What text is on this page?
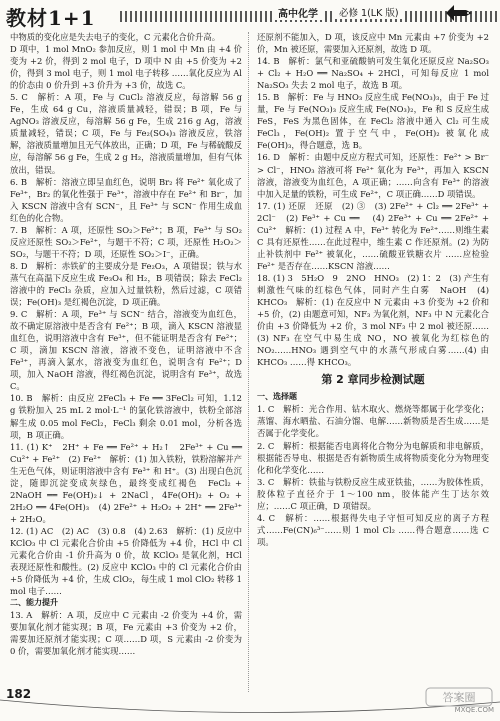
教材1+1	高中化学	必修 1(LK 版)

中物质的变化应是失去电子的变化，C 元素化合价升高。

D 项中，1 mol MnO₂ 参加反应，则 1 mol 中 Mn 由 +4 价变为 +2 价，得到 2 mol 电子，D 项中 N 由 +5 价变为 +2 价，得到 3 mol 电子，则 1 mol 电子转移 ……氧化反应为 Al 的价态由 0 价升到 +3 价升为 +3 价，故选 C。

5. C　解析：A 项，Fe 与 CuCl₂ 溶液反应，每溶解 56 g Fe，生成 64 g Cu，溶液质量减轻，错误；B 项，Fe 与 AgNO₃ 溶液反应，每溶解 56 g Fe，生成 216 g Ag，溶液质量减轻，错误；C 项，Fe 与 Fe₂(SO₄)₃ 溶液反应，铁溶解，溶液质量增加且无气体放出，正确；D 项，Fe 与稀硫酸反应，每溶解 56 g Fe，生成 2 g H₂，溶液质量增加，但有气体放出，错误。

6. B　解析：溶液立即呈血红色，说明 Br₂ 将 Fe²⁺ 氧化成了 Fe³⁺，Br₂ 的氧化性强于 Fe³⁺，溶液中存在 Fe²⁺ 和 Br⁻，加入 KSCN 溶液中含有 SCN⁻，且 Fe³⁺ 与 SCN⁻ 作用生成血红色的化合物。

7. B　解析：A 项，还原性 SO₂＞Fe²⁺；B 项，Fe³⁺ 与 SO₂ 反应还原性 SO₂＞Fe²⁺，与题干不符；C 项，还原性 H₂O₂＞SO₂，与题干不符；D 项，还原性 SO₂＞I⁻，正确。

8. D　解析：赤铁矿的主要成分是 Fe₂O₃，A 项错误；铁与水蒸气在高温下反应生成 Fe₃O₄ 和 H₂，B 项错误；除去 FeCl₂ 溶液中的 FeCl₃ 杂质，应加入过量铁粉，然后过滤，C 项错误；Fe(OH)₃ 是红褐色沉淀，D 项正确。

9. C　解析：A 项，Fe³⁺ 与 SCN⁻ 结合，溶液变为血红色，故不确定原溶液中是否含有 Fe²⁺；B 项，滴入 KSCN 溶液显血红色，说明溶液中含有 Fe³⁺，但不能证明是否含有 Fe²⁺；C 项，滴加 KSCN 溶液，溶液不变色，证明溶液中不含 Fe³⁺，再滴入氯水，溶液变为血红色，说明含有 Fe²⁺；D 项，加入 NaOH 溶液，得红褐色沉淀，说明含有 Fe³⁺，故选 C。

10. B　解析：由反应 2FeCl₃ + Fe ══ 3FeCl₂ 可知，1.12 g 铁粉加入 25 mL 2 mol·L⁻¹ 的氯化铁溶液中，铁粉全部溶解生成 0.05 mol FeCl₂，FeCl₃ 剩余 0.01 mol，分析各选项，B 项正确。

11. (1) K⁺　2H⁺ + Fe ══ Fe²⁺ + H₂↑　2Fe³⁺ + Cu ══ Cu²⁺ + Fe²⁺　(2) Fe²⁺　解析：(1) 加入铁粉，铁粉溶解并产生无色气体，则证明溶液中含有 Fe³⁺ 和 H⁺。(3) 出现白色沉淀，随即沉淀变成灰绿色，最终变成红褐色　FeCl₂ + 2NaOH ══ Fe(OH)₂↓ + 2NaCl，4Fe(OH)₂ + O₂ + 2H₂O ══ 4Fe(OH)₃　(4) 2Fe²⁺ + H₂O₂ + 2H⁺ ══ 2Fe³⁺ + 2H₂O。

12. (1) AC　(2) AC　(3) 0.8　(4) 2.63　解析：(1) 反应中 KClO₃ 中 Cl 元素化合价由 +5 价降低为 +4 价，HCl 中 Cl 元素化合价由 -1 价升高为 0 价，故 KClO₃ 是氧化剂，HCl 表现还原性和酸性。(2) 反应中 KClO₃ 中的 Cl 元素化合价由 +5 价降低为 +4 价，生成 ClO₂，每生成 1 mol ClO₂ 转移 1 mol 电子……

二、能力提升

13. A　解析：A 项，反应中 C 元素由 -2 价变为 +4 价，需要加氧化剂才能实现；B 项，Fe 元素由 +3 价变为 +2 价，需要加还原剂才能实现；C 项……D 项，S 元素由 -2 价变为 0 价，需要加氧化剂才能实现……

还原剂不能加入，D 项，该反应中 Mn 元素由 +7 价变为 +2 价，Mn 被还原，需要加入还原剂，故选 D 项。

14. B　解析：氯气和亚硫酸钠可发生氧化还原反应 Na₂SO₃ + Cl₂ + H₂O ══ Na₂SO₄ + 2HCl，可知每反应 1 mol Na₂SO₃ 失去 2 mol 电子，故选 B 项。

15. B　解析：Fe 与 HNO₃ 反应生成 Fe(NO₃)₃，由于 Fe 过量，Fe 与 Fe(NO₃)₃ 反应生成 Fe(NO₃)₂，Fe 和 S 反应生成 FeS，FeS 为黑色固体，在 FeCl₂ 溶液中通入 Cl₂ 可生成 FeCl₃，Fe(OH)₂ 置于空气中，Fe(OH)₂ 被氧化成 Fe(OH)₃，得合题意，选 B。

16. D　解析：由题中反应方程式可知，还原性：Fe²⁺ > Br⁻ > Cl⁻，HNO₃ 溶液可将 Fe²⁺ 氧化为 Fe³⁺，再加入 KSCN 溶液，溶液变为血红色，A 项正确；……向含有 Fe³⁺ 的溶液中加入足量的铁粉，可生成 Fe²⁺，C 项正确……D 项错误。

17. (1) 还原　还原　(2) ③　(3) 2Fe²⁺ + Cl₂ ══ 2Fe³⁺ + 2Cl⁻　(2) Fe³⁺ + Cu ══ 　(4) 2Fe³⁺ + Cu ══ 2Fe²⁺ + Cu²⁺　解析：(1) 过程 A 中，Fe³⁺ 转化为 Fe²⁺……则维生素 C 具有还原性……在此过程中，维生素 C 作还原剂。(2) 为防止补铁剂中 Fe²⁺ 被氧化，……硫酸亚铁糖衣片 ……应检验 Fe²⁺ 是否存在……KSCN 溶液……

18. (1) 3　5H₂O　9　2NO　HNO₃　(2) 1：2　(3) 产生有刺激性气味的红棕色气体，同时产生白雾　NaOH　(4) KHCO₃　解析：(1) 在反应中 N 元素由 +3 价变为 +2 价和 +5 价，(2) 由题意可知，NF₃ 为氧化剂，NF₃ 中 N 元素化合价由 +3 价降低为 +2 价，3 mol NF₃ 中 2 mol 被还原……(3) NF₃ 在空气中易生成 NO，NO 被氧化为红棕色的 NO₂……HNO₃ 遇到空气中的水蒸气形成白雾……(4) 由 KHCO₃ ……得 KHCO₃。

第 2 章同步检测试题

一、选择题

1. C　解析：光合作用、钻木取火、燃烧等都属于化学变化；蒸馏、海水晒盐、石油分馏、电解……新物质是否生成……是否属于化学变化。

2. C　解析：根据能否电离将化合物分为电解质和非电解质，根据能否导电、根据是否有新物质生成将物质变化分为物理变化和化学变化……

3. C　解析：铁盐与铁粉反应生成亚铁盐，……为胶体性质，胶体粒子直径介于 1～100 nm，胶体能产生丁达尔效应；……C 项正确，D 项错误。

4. C　解析：……根据得失电子守恒可知反应的离子方程式……Fe(CN)₆³⁻……则 1 mol Cl₂ ……得合题意……选 C 项。

182	答案圈
MXQE.COM
